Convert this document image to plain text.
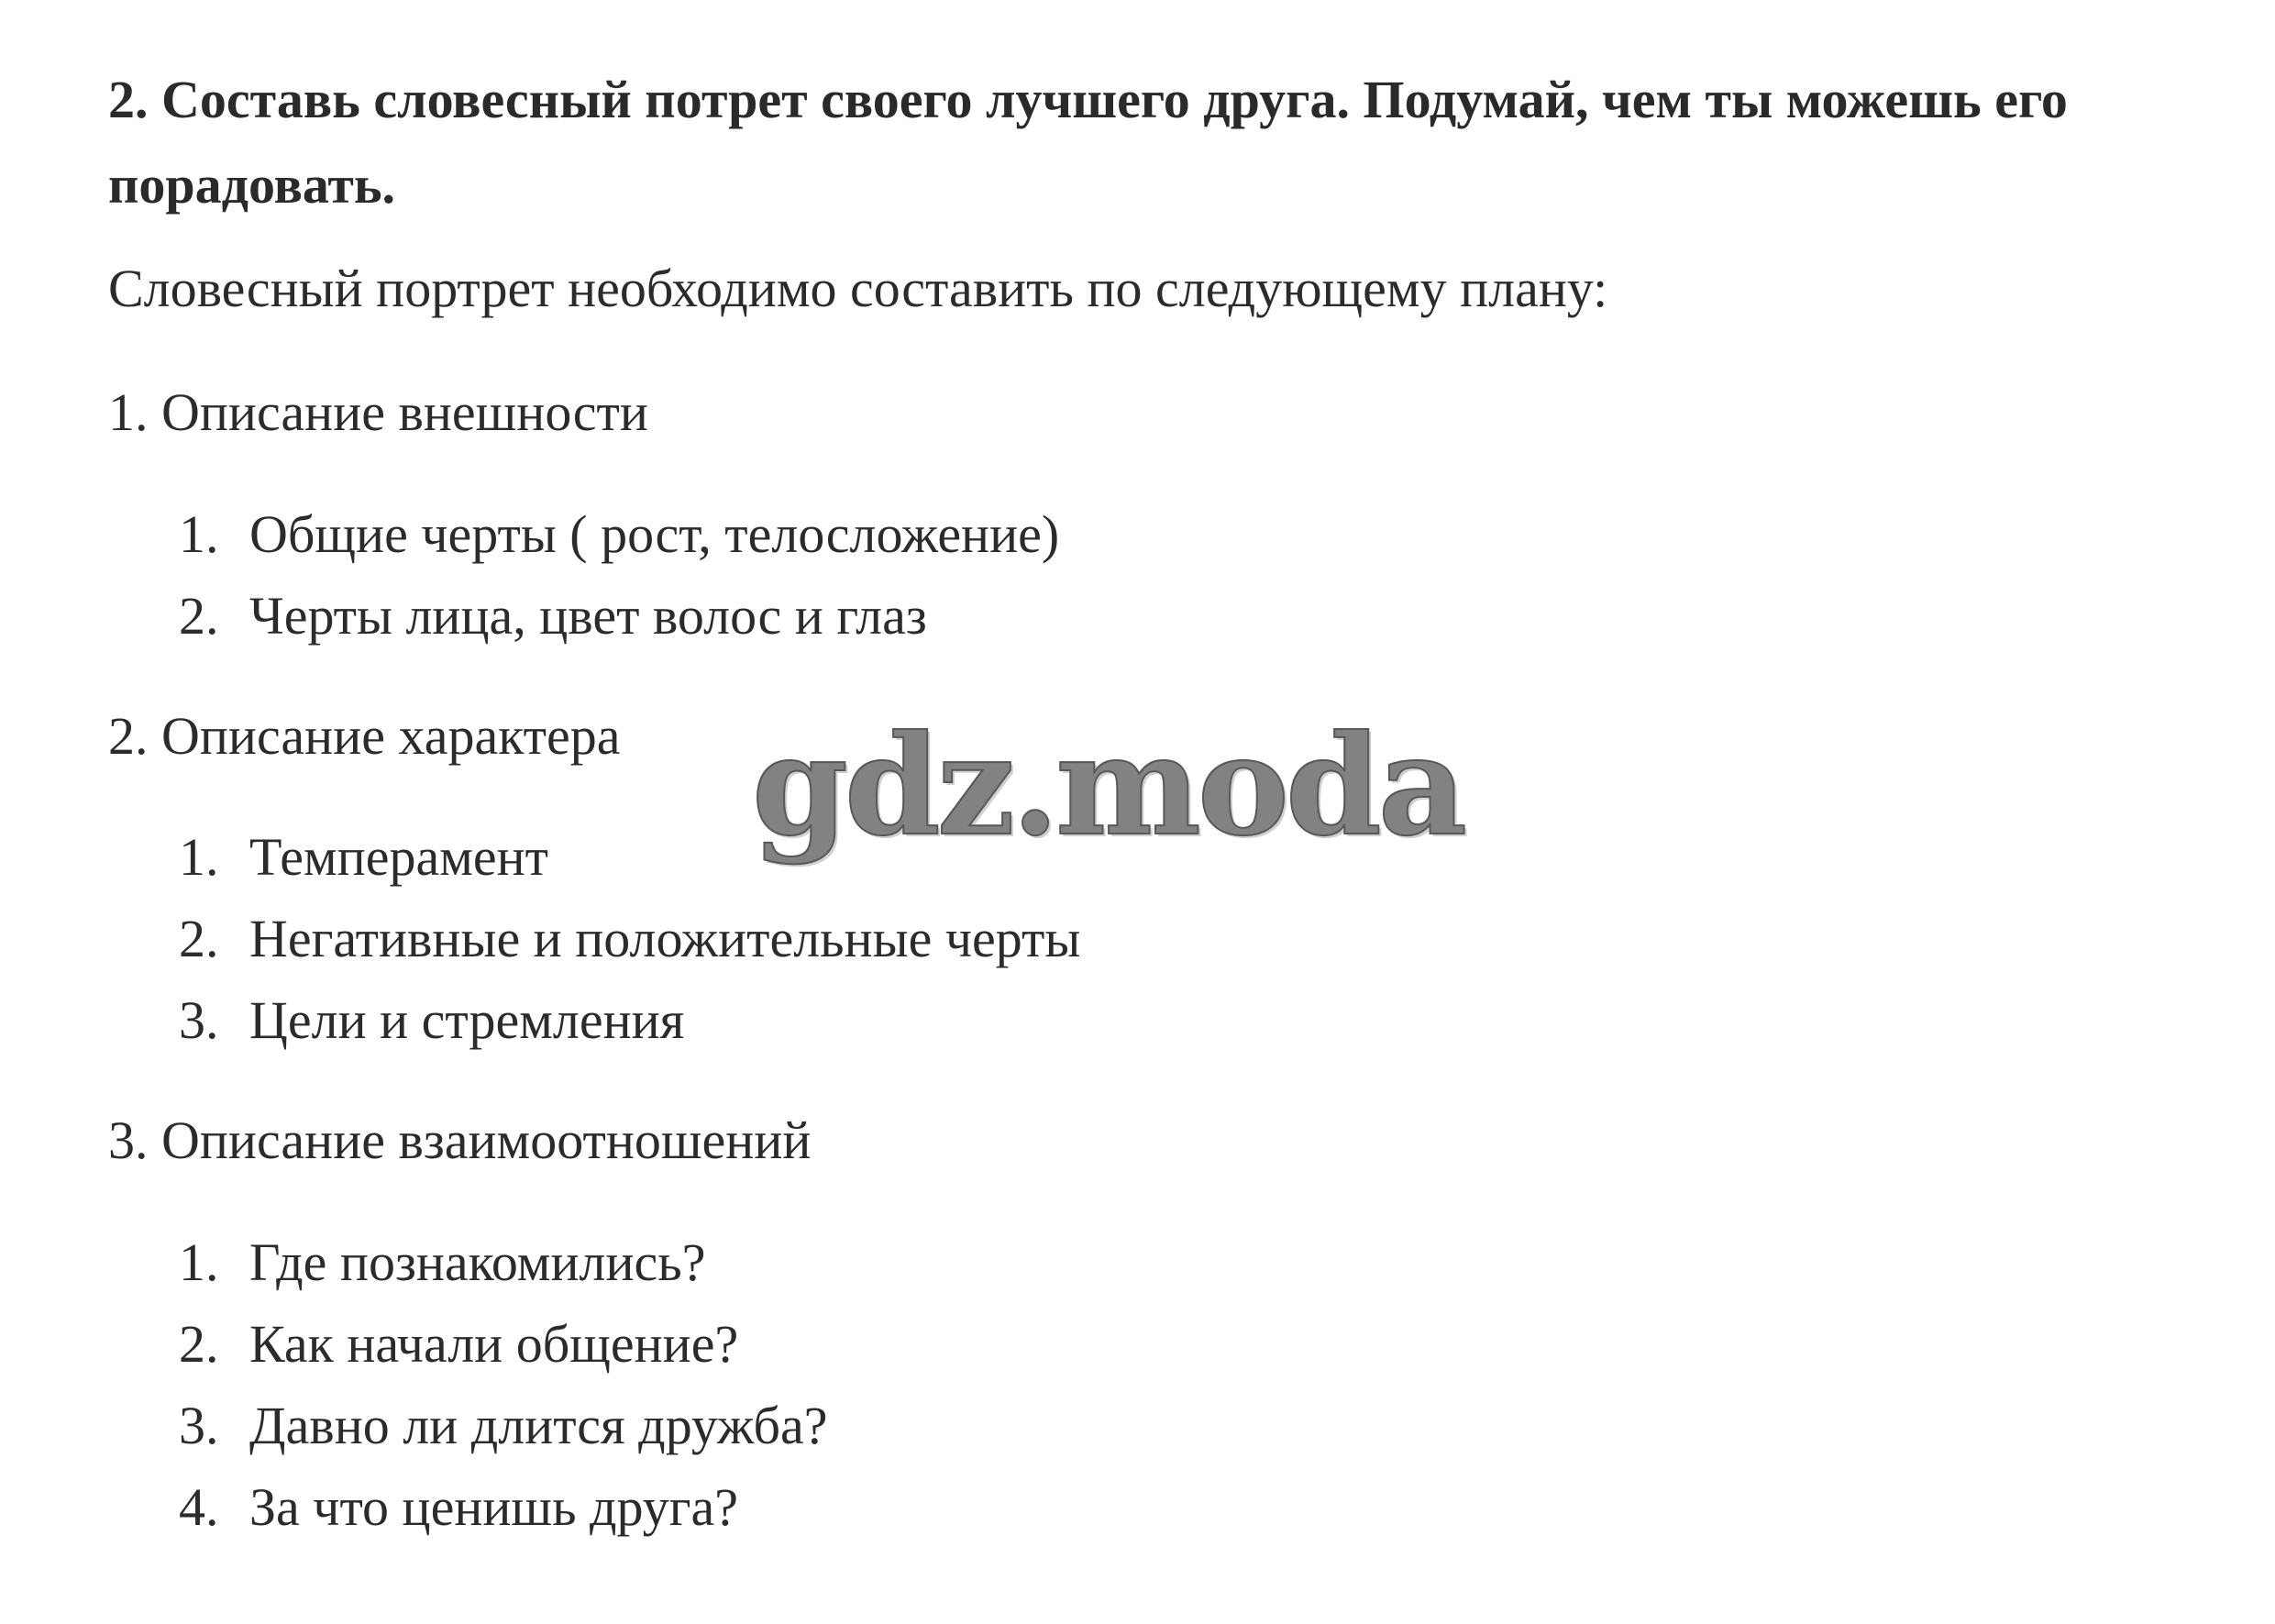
2. Составь словесный потрет своего лучшего друга. Подумай, чем ты можешь его порадовать.

Словесный портрет необходимо составить по следующему плану:

1. Описание внешности

1. Общие черты ( рост, телосложение)
2. Черты лица, цвет волос и глаз

2. Описание характера

1. Темперамент
2. Негативные и положительные черты
3. Цели и стремления

3. Описание взаимоотношений

1. Где познакомились?
2. Как начали общение?
3. Давно ли длится дружба?
4. За что ценишь друга?
gdz.moda
